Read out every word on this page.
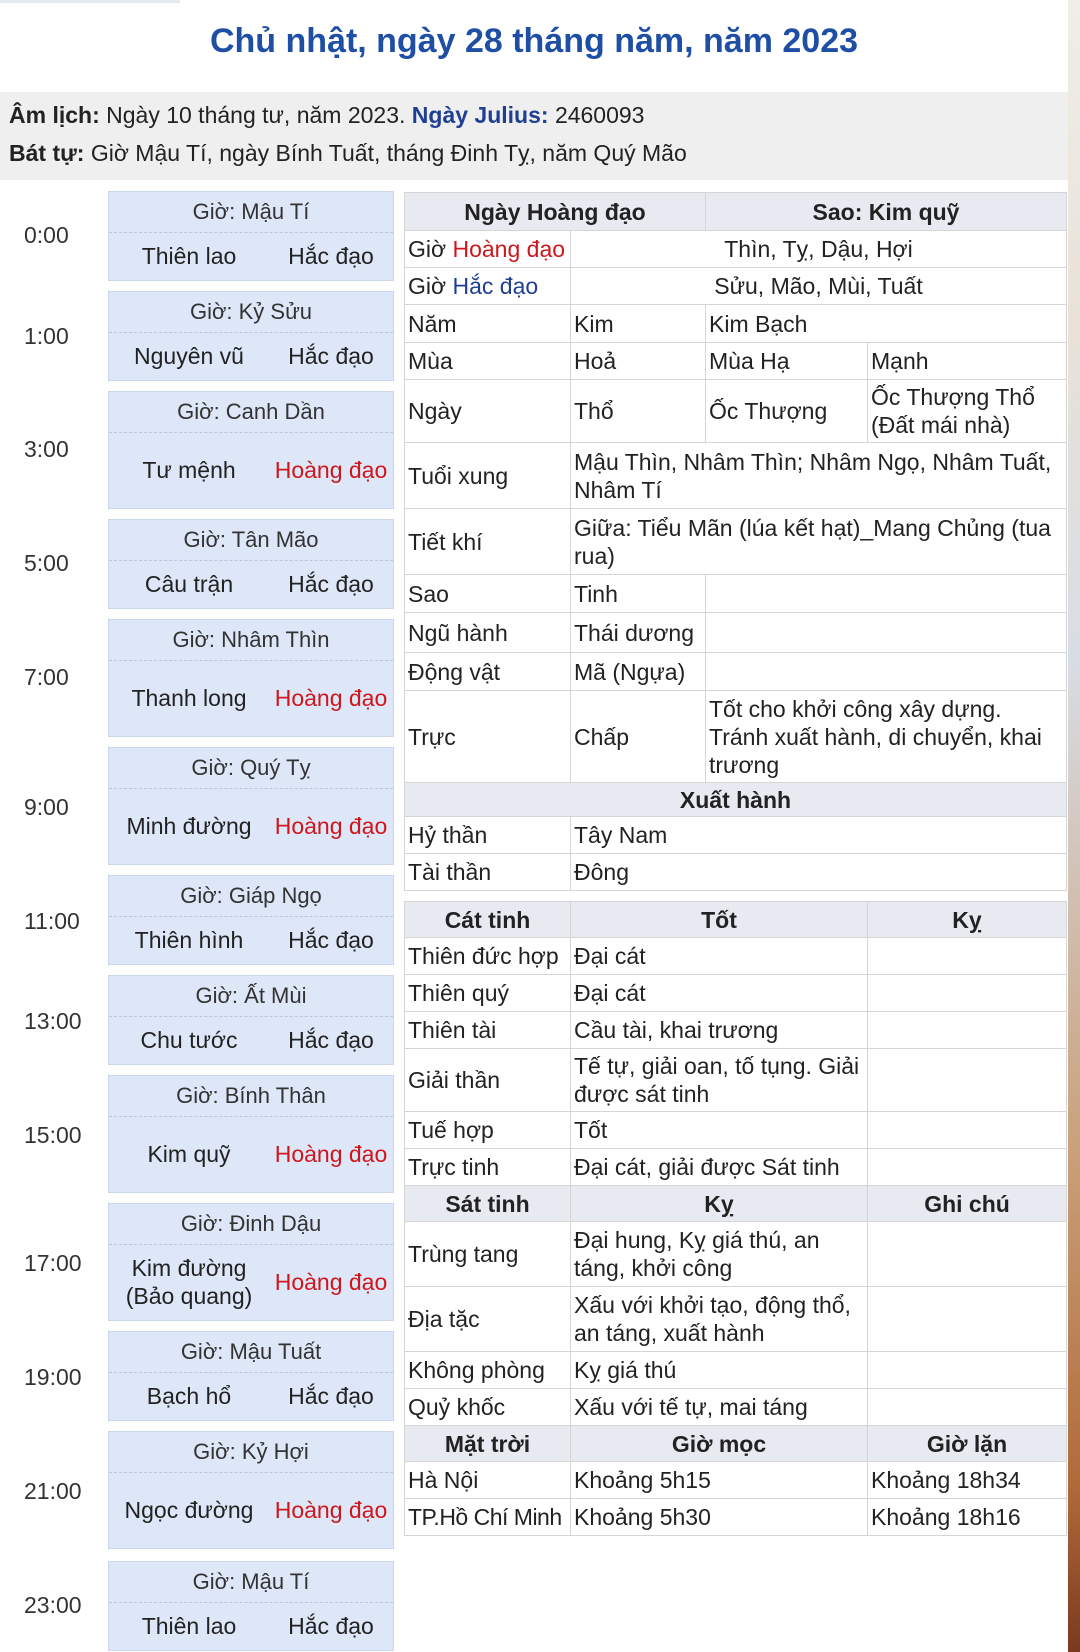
Chủ nhật, ngày 28 tháng năm, năm 2023
Âm lịch: Ngày 10 tháng tư, năm 2023. Ngày Julius: 2460093
Bát tự: Giờ Mậu Tí, ngày Bính Tuất, tháng Đinh Tỵ, năm Quý Mão
0:00
Giờ: Mậu Tí
Thiên lao	Hắc đạo
1:00
Giờ: Kỷ Sửu
Nguyên vũ	Hắc đạo
3:00
Giờ: Canh Dần
Tư mệnh	Hoàng đạo
5:00
Giờ: Tân Mão
Câu trận	Hắc đạo
7:00
Giờ: Nhâm Thìn
Thanh long	Hoàng đạo
9:00
Giờ: Quý Tỵ
Minh đường	Hoàng đạo
11:00
Giờ: Giáp Ngọ
Thiên hình	Hắc đạo
13:00
Giờ: Ất Mùi
Chu tước	Hắc đạo
15:00
Giờ: Bính Thân
Kim quỹ	Hoàng đạo
17:00
Giờ: Đinh Dậu
Kim đường (Bảo quang)
Hoàng đạo
19:00
Giờ: Mậu Tuất
Bạch hổ	Hắc đạo
21:00
Giờ: Kỷ Hợi
Ngọc đường Hoàng đạo
23:00
Giờ: Mậu Tí
Thiên lao	Hắc đạo
Ngày Hoàng đạo		Sao: Kim quỹ	
Giờ Hoàng đạo	Thìn, Tỵ, Dậu, Hợi		
Giờ Hắc đạo	Sửu, Mão, Mùi, Tuất		
Năm	Kim	Kim Bạch	
Mùa	Hoả	Mùa Hạ	Mạnh
Ngày	Thổ	Ốc Thượng	Ốc Thượng Thổ (Đất mái nhà)
Tuổi xung	Mậu Thìn, Nhâm Thìn; Nhâm Ngọ, Nhâm Tuất, Nhâm Tí		
Tiết khí	Giữa: Tiểu Mãn (lúa kết hạt)_Mang Chủng (tua rua)		
Sao	Tinh		
Ngũ hành	Thái dương		
Động vật	Mã (Ngựa)		
Trực	Chấp	Tốt cho khởi công xây dựng. Tránh xuất hành, di chuyển, khai trương	
Xuất hành			
Hỷ thần	Tây Nam		
Tài thần	Đông		

Cát tinh	Tốt		Kỵ
Thiên đức hợp	Đại cát		
Thiên quý	Đại cát		
Thiên tài	Cầu tài, khai trương		
Giải thần	Tế tự, giải oan, tố tụng. Giải được sát tinh		
Tuế hợp	Tốt		
Trực tinh	Đại cát, giải được Sát tinh		
Sát tinh	Kỵ		Ghi chú
Trùng tang	Đại hung, Kỵ giá thú, an táng, khởi công		
Địa tặc	Xấu với khởi tạo, động thổ, an táng, xuất hành		
Không phòng	Kỵ giá thú		
Quỷ khốc	Xấu với tế tự, mai táng		
Mặt trời	Giờ mọc		Giờ lặn
Hà Nội	Khoảng 5h15		Khoảng 18h34
TP.Hồ Chí Minh	Khoảng 5h30		Khoảng 18h16
